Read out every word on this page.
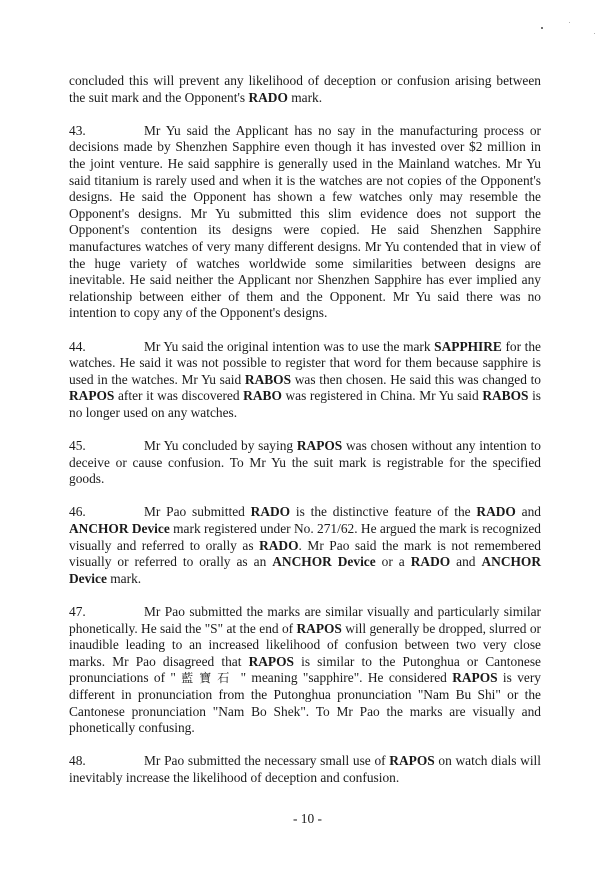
concluded this will prevent any likelihood of deception or confusion arising between the suit mark and the Opponent's RADO mark.

43.	Mr Yu said the Applicant has no say in the manufacturing process or decisions made by Shenzhen Sapphire even though it has invested over $2 million in the joint venture. He said sapphire is generally used in the Mainland watches. Mr Yu said titanium is rarely used and when it is the watches are not copies of the Opponent's designs. He said the Opponent has shown a few watches only may resemble the Opponent's designs. Mr Yu submitted this slim evidence does not support the Opponent's contention its designs were copied. He said Shenzhen Sapphire manufactures watches of very many different designs. Mr Yu contended that in view of the huge variety of watches worldwide some similarities between designs are inevitable. He said neither the Applicant nor Shenzhen Sapphire has ever implied any relationship between either of them and the Opponent. Mr Yu said there was no intention to copy any of the Opponent's designs.

44.	Mr Yu said the original intention was to use the mark SAPPHIRE for the watches. He said it was not possible to register that word for them because sapphire is used in the watches. Mr Yu said RABOS was then chosen. He said this was changed to RAPOS after it was discovered RABO was registered in China. Mr Yu said RABOS is no longer used on any watches.

45.	Mr Yu concluded by saying RAPOS was chosen without any intention to deceive or cause confusion. To Mr Yu the suit mark is registrable for the specified goods.

46.	Mr Pao submitted RADO is the distinctive feature of the RADO and ANCHOR Device mark registered under No. 271/62. He argued the mark is recognized visually and referred to orally as RADO. Mr Pao said the mark is not remembered visually or referred to orally as an ANCHOR Device or a RADO and ANCHOR Device mark.

47.	Mr Pao submitted the marks are similar visually and particularly similar phonetically. He said the "S" at the end of RAPOS will generally be dropped, slurred or inaudible leading to an increased likelihood of confusion between two very close marks. Mr Pao disagreed that RAPOS is similar to the Putonghua or Cantonese pronunciations of " 藍寶石 " meaning "sapphire". He considered RAPOS is very different in pronunciation from the Putonghua pronunciation "Nam Bu Shi" or the Cantonese pronunciation "Nam Bo Shek". To Mr Pao the marks are visually and phonetically confusing.

48.	Mr Pao submitted the necessary small use of RAPOS on watch dials will inevitably increase the likelihood of deception and confusion.

- 10 -
